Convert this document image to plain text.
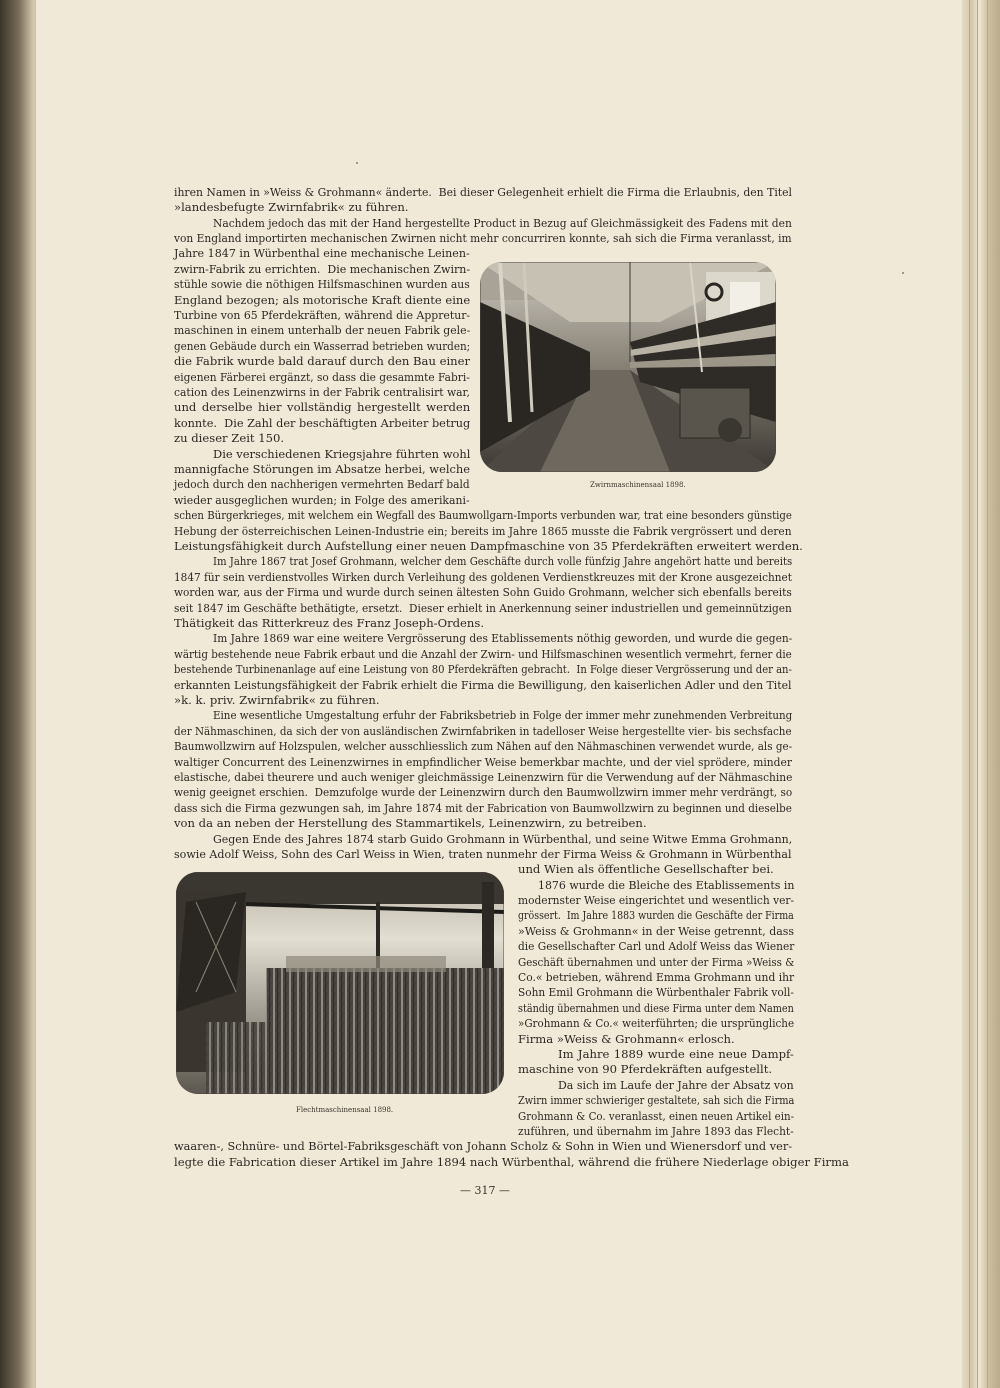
Zwirnmaschinensaal 1898.
Flechtmaschinensaal 1898.
ihren Namen in »Weiss & Grohmann« änderte.  Bei dieser Gelegenheit erhielt die Firma die Erlaubnis, den Titel
»landesbefugte Zwirnfabrik« zu führen.
Nachdem jedoch das mit der Hand hergestellte Product in Bezug auf Gleichmässigkeit des Fadens mit den
von England importirten mechanischen Zwirnen nicht mehr concurriren konnte, sah sich die Firma veranlasst, im
Jahre 1847 in Würbenthal eine mechanische Leinen-
zwirn-Fabrik zu errichten.  Die mechanischen Zwirn-
stühle sowie die nöthigen Hilfsmaschinen wurden aus
England bezogen; als motorische Kraft diente eine
Turbine von 65 Pferdekräften, während die Appretur-
maschinen in einem unterhalb der neuen Fabrik gele-
genen Gebäude durch ein Wasserrad betrieben wurden;
die Fabrik wurde bald darauf durch den Bau einer
eigenen Färberei ergänzt, so dass die gesammte Fabri-
cation des Leinenzwirns in der Fabrik centralisirt war,
und derselbe hier vollständig hergestellt werden
konnte.  Die Zahl der beschäftigten Arbeiter betrug
zu dieser Zeit 150.
Die verschiedenen Kriegsjahre führten wohl
mannigfache Störungen im Absatze herbei, welche
jedoch durch den nachherigen vermehrten Bedarf bald
wieder ausgeglichen wurden; in Folge des amerikani-
schen Bürgerkrieges, mit welchem ein Wegfall des Baumwollgarn-Imports verbunden war, trat eine besonders günstige
Hebung der österreichischen Leinen-Industrie ein; bereits im Jahre 1865 musste die Fabrik vergrössert und deren
Leistungsfähigkeit durch Aufstellung einer neuen Dampfmaschine von 35 Pferdekräften erweitert werden.
Im Jahre 1867 trat Josef Grohmann, welcher dem Geschäfte durch volle fünfzig Jahre angehört hatte und bereits
1847 für sein verdienstvolles Wirken durch Verleihung des goldenen Verdienstkreuzes mit der Krone ausgezeichnet
worden war, aus der Firma und wurde durch seinen ältesten Sohn Guido Grohmann, welcher sich ebenfalls bereits
seit 1847 im Geschäfte bethätigte, ersetzt.  Dieser erhielt in Anerkennung seiner industriellen und gemeinnützigen
Thätigkeit das Ritterkreuz des Franz Joseph-Ordens.
Im Jahre 1869 war eine weitere Vergrösserung des Etablissements nöthig geworden, und wurde die gegen-
wärtig bestehende neue Fabrik erbaut und die Anzahl der Zwirn- und Hilfsmaschinen wesentlich vermehrt, ferner die
bestehende Turbinenanlage auf eine Leistung von 80 Pferdekräften gebracht.  In Folge dieser Vergrösserung und der an-
erkannten Leistungsfähigkeit der Fabrik erhielt die Firma die Bewilligung, den kaiserlichen Adler und den Titel
»k. k. priv. Zwirnfabrik« zu führen.
Eine wesentliche Umgestaltung erfuhr der Fabriksbetrieb in Folge der immer mehr zunehmenden Verbreitung
der Nähmaschinen, da sich der von ausländischen Zwirnfabriken in tadelloser Weise hergestellte vier- bis sechsfache
Baumwollzwirn auf Holzspulen, welcher ausschliesslich zum Nähen auf den Nähmaschinen verwendet wurde, als ge-
waltiger Concurrent des Leinenzwirnes in empfindlicher Weise bemerkbar machte, und der viel sprödere, minder
elastische, dabei theurere und auch weniger gleichmässige Leinenzwirn für die Verwendung auf der Nähmaschine
wenig geeignet erschien.  Demzufolge wurde der Leinenzwirn durch den Baumwollzwirn immer mehr verdrängt, so
dass sich die Firma gezwungen sah, im Jahre 1874 mit der Fabrication von Baumwollzwirn zu beginnen und dieselbe
von da an neben der Herstellung des Stammartikels, Leinenzwirn, zu betreiben.
Gegen Ende des Jahres 1874 starb Guido Grohmann in Würbenthal, und seine Witwe Emma Grohmann,
sowie Adolf Weiss, Sohn des Carl Weiss in Wien, traten nunmehr der Firma Weiss & Grohmann in Würbenthal
und Wien als öffentliche Gesellschafter bei.
1876 wurde die Bleiche des Etablissements in
modernster Weise eingerichtet und wesentlich ver-
grössert.  Im Jahre 1883 wurden die Geschäfte der Firma
»Weiss & Grohmann« in der Weise getrennt, dass
die Gesellschafter Carl und Adolf Weiss das Wiener
Geschäft übernahmen und unter der Firma »Weiss &
Co.« betrieben, während Emma Grohmann und ihr
Sohn Emil Grohmann die Würbenthaler Fabrik voll-
ständig übernahmen und diese Firma unter dem Namen
»Grohmann & Co.« weiterführten; die ursprüngliche
Firma »Weiss & Grohmann« erlosch.
Im Jahre 1889 wurde eine neue Dampf-
maschine von 90 Pferdekräften aufgestellt.
Da sich im Laufe der Jahre der Absatz von
Zwirn immer schwieriger gestaltete, sah sich die Firma
Grohmann & Co. veranlasst, einen neuen Artikel ein-
zuführen, und übernahm im Jahre 1893 das Flecht-
waaren-, Schnüre- und Börtel-Fabriksgeschäft von Johann Scholz & Sohn in Wien und Wienersdorf und ver-
legte die Fabrication dieser Artikel im Jahre 1894 nach Würbenthal, während die frühere Niederlage obiger Firma
— 317 —
